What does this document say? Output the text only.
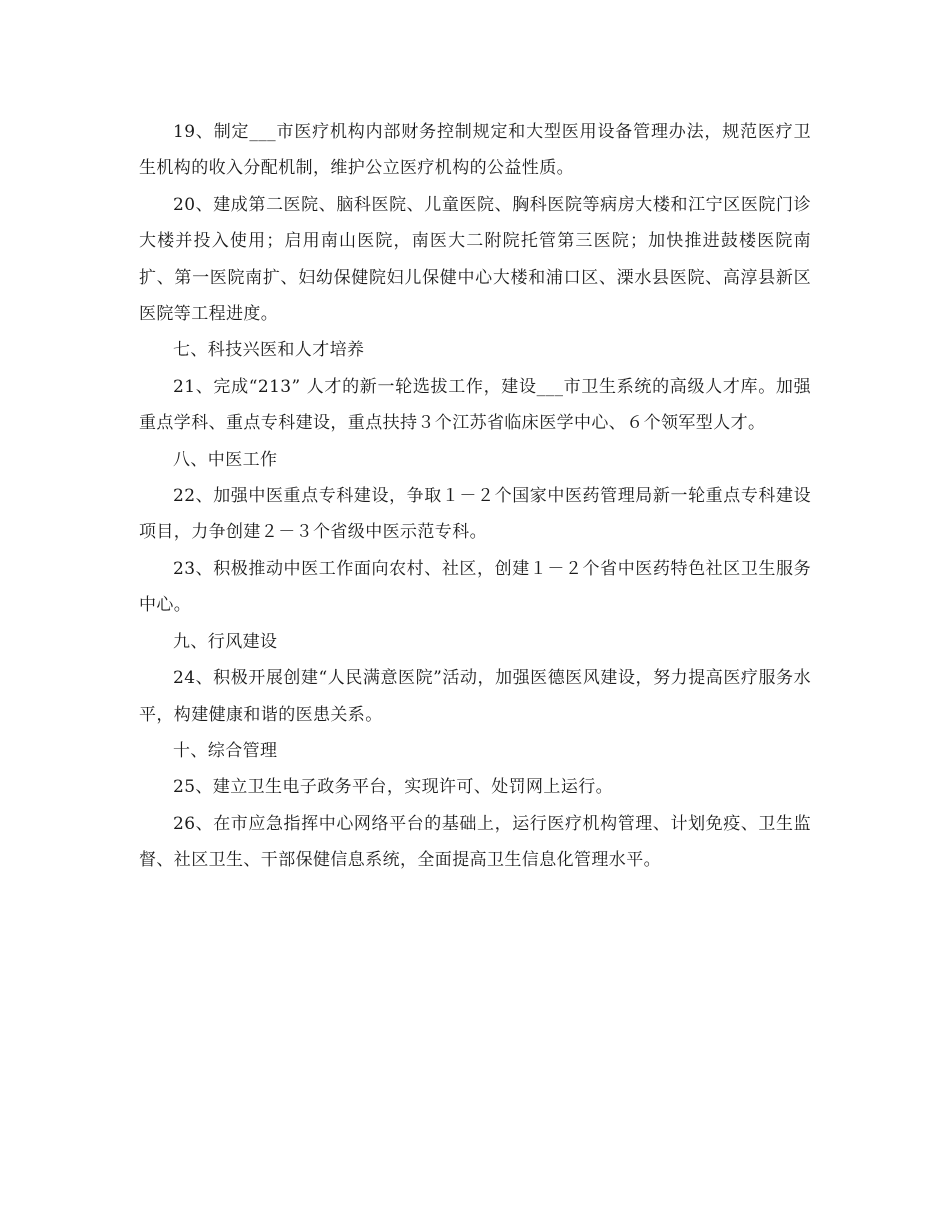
19、制定___市医疗机构内部财务控制规定和大型医用设备管理办法，规范医疗卫生机构的收入分配机制，维护公立医疗机构的公益性质。

20、建成第二医院、脑科医院、儿童医院、胸科医院等病房大楼和江宁区医院门诊大楼并投入使用；启用南山医院，南医大二附院托管第三医院；加快推进鼓楼医院南扩、第一医院南扩、妇幼保健院妇儿保健中心大楼和浦口区、溧水县医院、高淳县新区医院等工程进度。

七、科技兴医和人才培养

21、完成“213” 人才的新一轮选拔工作，建设___市卫生系统的高级人才库。加强重点学科、重点专科建设，重点扶持３个江苏省临床医学中心、６个领军型人才。

八、中医工作

22、加强中医重点专科建设，争取１－２个国家中医药管理局新一轮重点专科建设项目，力争创建２－３个省级中医示范专科。

23、积极推动中医工作面向农村、社区，创建１－２个省中医药特色社区卫生服务中心。

九、行风建设

24、积极开展创建“人民满意医院”活动，加强医德医风建设，努力提高医疗服务水平，构建健康和谐的医患关系。

十、综合管理

25、建立卫生电子政务平台，实现许可、处罚网上运行。

26、在市应急指挥中心网络平台的基础上，运行医疗机构管理、计划免疫、卫生监督、社区卫生、干部保健信息系统，全面提高卫生信息化管理水平。
